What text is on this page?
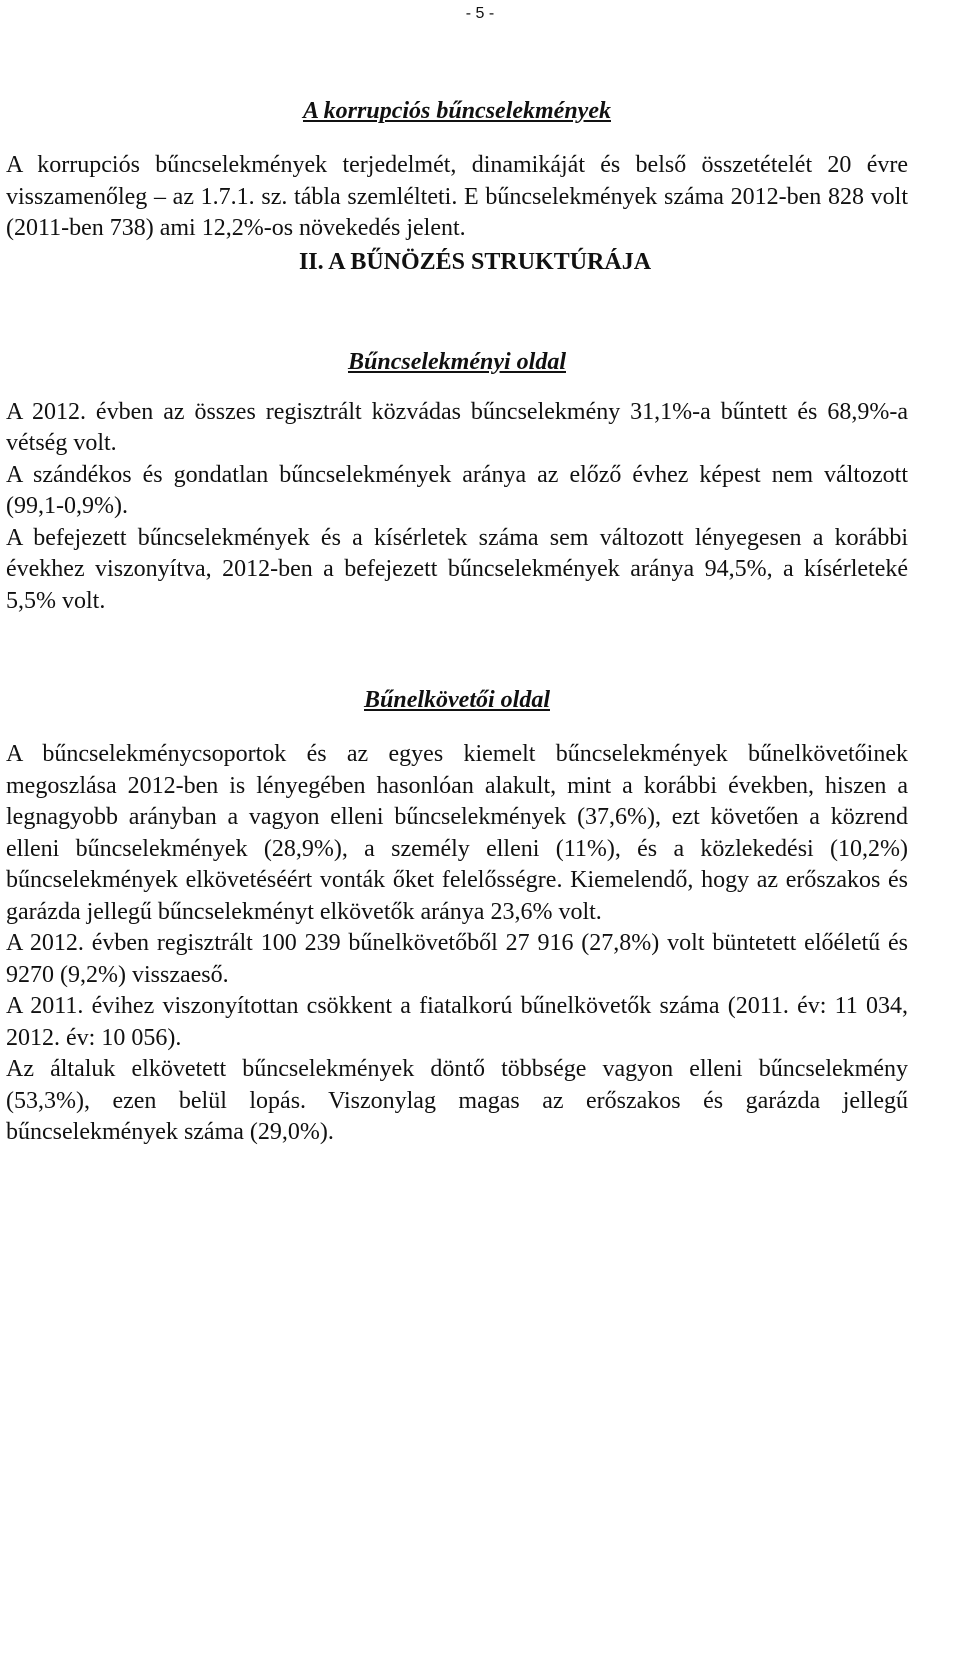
- 5 -
A korrupciós bűncselekmények

A korrupciós bűncselekmények terjedelmét, dinamikáját és belső összetételét 20 évre visszamenőleg – az 1.7.1. sz. tábla szemlélteti. E bűncselekmények száma 2012-ben 828 volt (2011-ben 738) ami 12,2%-os növekedés jelent.

II. A BŰNÖZÉS STRUKTÚRÁJA
Bűncselekményi oldal

A 2012. évben az összes regisztrált közvádas bűncselekmény 31,1%-a bűntett és 68,9%-a vétség volt.

A szándékos és gondatlan bűncselekmények aránya az előző évhez képest nem változott (99,1-0,9%).

A befejezett bűncselekmények és a kísérletek száma sem változott lényegesen a korábbi évekhez viszonyítva, 2012-ben a befejezett bűncselekmények aránya 94,5%, a kísérleteké 5,5% volt.

Bűnelkövetői oldal

A bűncselekménycsoportok és az egyes kiemelt bűncselekmények bűnelkövetőinek megoszlása 2012-ben is lényegében hasonlóan alakult, mint a korábbi években, hiszen a legnagyobb arányban a vagyon elleni bűncselekmények (37,6%), ezt követően a közrend elleni bűncselekmények (28,9%), a személy elleni (11%), és a közlekedési (10,2%) bűncselekmények elkövetéséért vonták őket felelősségre. Kiemelendő, hogy az erőszakos és garázda jellegű bűncselekményt elkövetők aránya 23,6% volt.

A 2012. évben regisztrált 100 239 bűnelkövetőből 27 916 (27,8%) volt büntetett előéletű és 9270 (9,2%) visszaeső.

A 2011. évihez viszonyítottan csökkent a fiatalkorú bűnelkövetők száma (2011. év: 11 034, 2012. év: 10 056).

Az általuk elkövetett bűncselekmények döntő többsége vagyon elleni bűncselekmény (53,3%), ezen belül lopás. Viszonylag magas az erőszakos és garázda jellegű bűncselekmények száma (29,0%).
